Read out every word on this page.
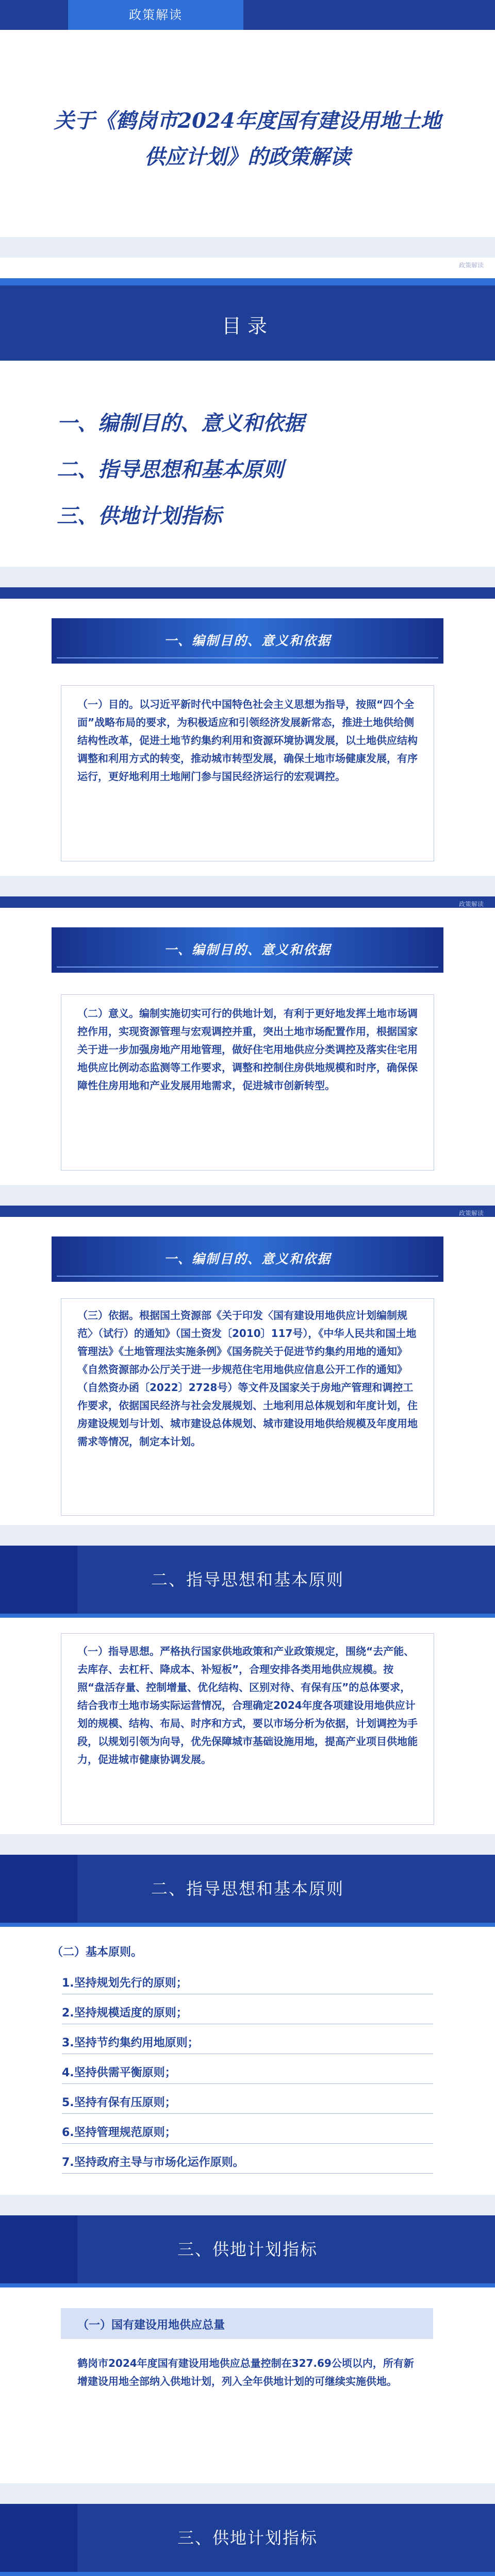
政策解读
关于《鹤岗市2024年度国有建设用地土地供应计划》的政策解读
政策解读
目录
一、编制目的、意义和依据
二、指导思想和基本原则
三、供地计划指标
一、编制目的、意义和依据
（一）目的。以习近平新时代中国特色社会主义思想为指导，按照“四个全面”战略布局的要求，为积极适应和引领经济发展新常态，推进土地供给侧结构性改革，促进土地节约集约利用和资源环境协调发展，以土地供应结构调整和利用方式的转变，推动城市转型发展，确保土地市场健康发展，有序运行，更好地利用土地闸门参与国民经济运行的宏观调控。
政策解读
一、编制目的、意义和依据
（二）意义。编制实施切实可行的供地计划，有利于更好地发挥土地市场调控作用，实现资源管理与宏观调控并重，突出土地市场配置作用，根据国家关于进一步加强房地产用地管理，做好住宅用地供应分类调控及落实住宅用地供应比例动态监测等工作要求，调整和控制住房供地规模和时序，确保保障性住房用地和产业发展用地需求，促进城市创新转型。
政策解读
一、编制目的、意义和依据
（三）依据。根据国土资源部《关于印发〈国有建设用地供应计划编制规范〉（试行）的通知》（国土资发〔2010〕117号），《中华人民共和国土地管理法》《土地管理法实施条例》《国务院关于促进节约集约用地的通知》《自然资源部办公厅关于进一步规范住宅用地供应信息公开工作的通知》（自然资办函〔2022〕2728号）等文件及国家关于房地产管理和调控工作要求，依据国民经济与社会发展规划、土地利用总体规划和年度计划，住房建设规划与计划、城市建设总体规划、城市建设用地供给规模及年度用地需求等情况，制定本计划。
二、指导思想和基本原则
（一）指导思想。严格执行国家供地政策和产业政策规定，围绕“去产能、去库存、去杠杆、降成本、补短板”，合理安排各类用地供应规模。按照“盘活存量、控制增量、优化结构、区别对待、有保有压”的总体要求，结合我市土地市场实际运营情况，合理确定2024年度各项建设用地供应计划的规模、结构、布局、时序和方式，要以市场分析为依据，计划调控为手段，以规划引领为向导，优先保障城市基础设施用地，提高产业项目供地能力，促进城市健康协调发展。
二、指导思想和基本原则
（二）基本原则。
1.坚持规划先行的原则；
2.坚持规模适度的原则；
3.坚持节约集约用地原则；
4.坚持供需平衡原则；
5.坚持有保有压原则；
6.坚持管理规范原则；
7.坚持政府主导与市场化运作原则。
三、供地计划指标
（一）国有建设用地供应总量
鹤岗市2024年度国有建设用地供应总量控制在327.69公顷以内，所有新增建设用地全部纳入供地计划，列入全年供地计划的可继续实施供地。
三、供地计划指标
